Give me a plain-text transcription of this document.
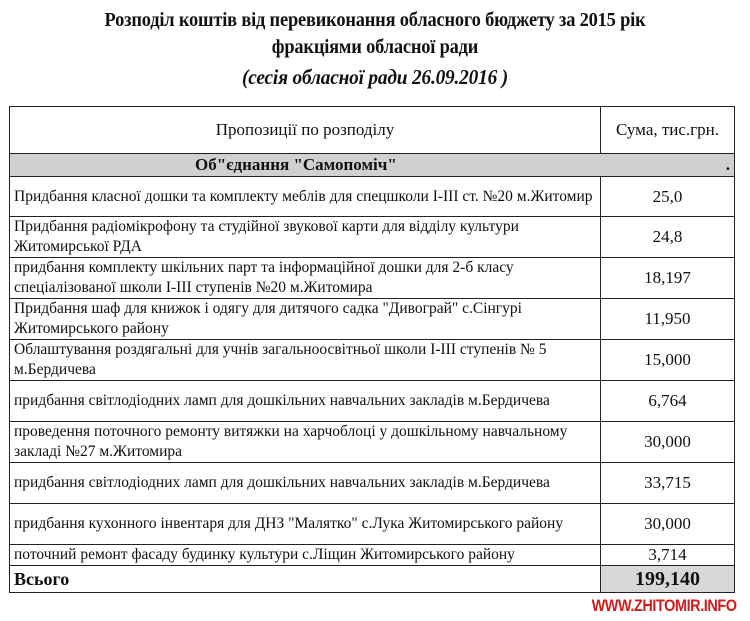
Розподіл коштів від перевиконання обласного бюджету за 2015 рік
фракціями обласної ради
(сесія обласної ради 26.09.2016 )
Пропозиції по розподілу	Сума, тис.грн.
Об"єднання "Самопоміч"	.
Придбання класної дошки та комплекту меблів для спецшколи І-ІІІ ст. №20 м.Житомир	25,0
Придбання радіомікрофону та студійної звукової карти для відділу культури Житомирської РДА	24,8
придбання комплекту шкільних парт та інформаційної дошки для 2-б класу спеціалізованої школи І-ІІІ ступенів №20 м.Житомира	18,197
Придбання шаф для книжок і одягу для дитячого садка "Дивограй" с.Сінгурі Житомирського району	11,950
Облаштування роздягальні для учнів загальноосвітньої школи І-ІІІ ступенів № 5 м.Бердичева	15,000
придбання світлодіодних ламп для дошкільних навчальних закладів м.Бердичева	6,764
проведення поточного ремонту витяжки на харчоблоці у дошкільному навчальному закладі №27 м.Житомира	30,000
придбання світлодіодних ламп для дошкільних навчальних закладів м.Бердичева	33,715
придбання кухонного інвентаря для ДНЗ "Малятко" с.Лука Житомирського району	30,000
поточний ремонт фасаду будинку культури с.Ліщин Житомирського району	3,714
Всього	199,140
WWW.ZHITOMIR.INFO
